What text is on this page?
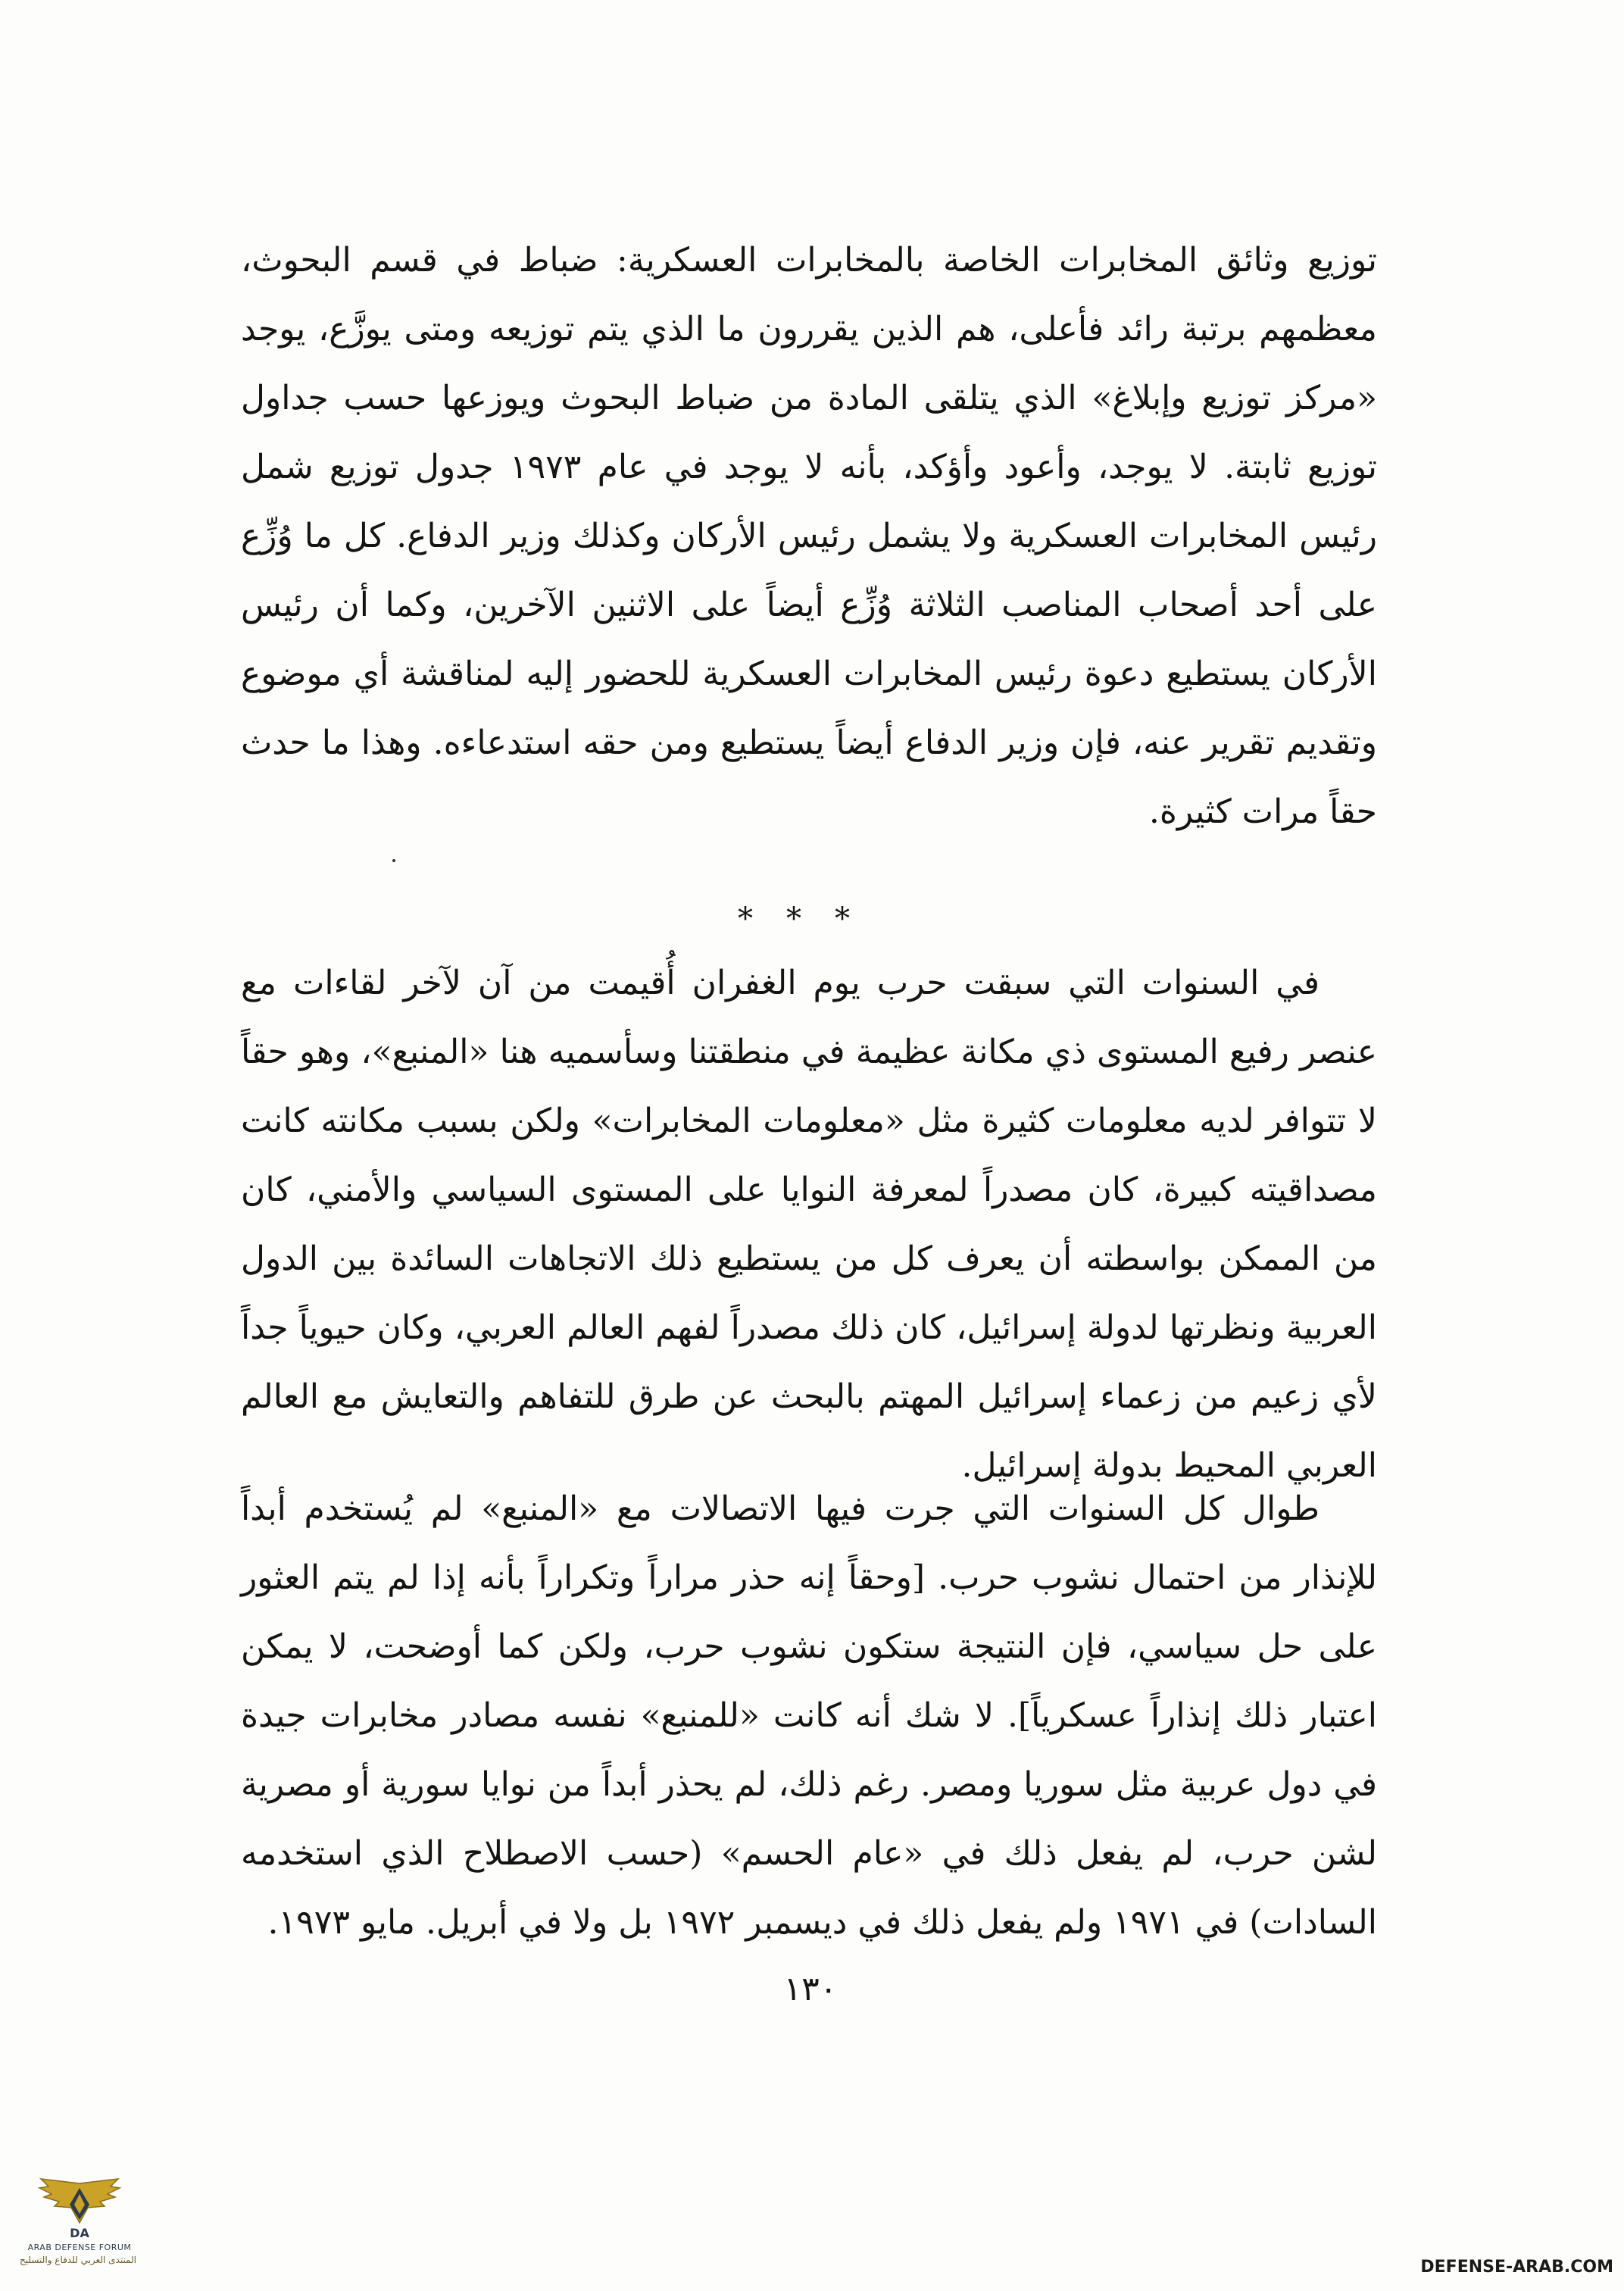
توزيع وثائق المخابرات الخاصة بالمخابرات العسكرية: ضباط في قسم البحوث، معظمهم برتبة رائد فأعلى، هم الذين يقررون ما الذي يتم توزيعه ومتى يوزَّع، يوجد «مركز توزيع وإبلاغ» الذي يتلقى المادة من ضباط البحوث ويوزعها حسب جداول توزيع ثابتة. لا يوجد، وأعود وأؤكد، بأنه لا يوجد في عام ١٩٧٣ جدول توزيع شمل رئيس المخابرات العسكرية ولا يشمل رئيس الأركان وكذلك وزير الدفاع. كل ما وُزِّع على أحد أصحاب المناصب الثلاثة وُزِّع أيضاً على الاثنين الآخرين، وكما أن رئيس الأركان يستطيع دعوة رئيس المخابرات العسكرية للحضور إليه لمناقشة أي موضوع وتقديم تقرير عنه، فإن وزير الدفاع أيضاً يستطيع ومن حقه استدعاءه. وهذا ما حدث حقاً مرات كثيرة.

***

في السنوات التي سبقت حرب يوم الغفران أُقيمت من آن لآخر لقاءات مع عنصر رفيع المستوى ذي مكانة عظيمة في منطقتنا وسأسميه هنا «المنبع»، وهو حقاً لا تتوافر لديه معلومات كثيرة مثل «معلومات المخابرات» ولكن بسبب مكانته كانت مصداقيته كبيرة، كان مصدراً لمعرفة النوايا على المستوى السياسي والأمني، كان من الممكن بواسطته أن يعرف كل من يستطيع ذلك الاتجاهات السائدة بين الدول العربية ونظرتها لدولة إسرائيل، كان ذلك مصدراً لفهم العالم العربي، وكان حيوياً جداً لأي زعيم من زعماء إسرائيل المهتم بالبحث عن طرق للتفاهم والتعايش مع العالم العربي المحيط بدولة إسرائيل.

طوال كل السنوات التي جرت فيها الاتصالات مع «المنبع» لم يُستخدم أبداً للإنذار من احتمال نشوب حرب. [وحقاً إنه حذر مراراً وتكراراً بأنه إذا لم يتم العثور على حل سياسي، فإن النتيجة ستكون نشوب حرب، ولكن كما أوضحت، لا يمكن اعتبار ذلك إنذاراً عسكرياً]. لا شك أنه كانت «للمنبع» نفسه مصادر مخابرات جيدة في دول عربية مثل سوريا ومصر. رغم ذلك، لم يحذر أبداً من نوايا سورية أو مصرية لشن حرب، لم يفعل ذلك في «عام الحسم» (حسب الاصطلاح الذي استخدمه السادات) في ١٩٧١ ولم يفعل ذلك في ديسمبر ١٩٧٢ بل ولا في أبريل. مايو ١٩٧٣.

١٣٠
DA
ARAB DEFENSE FORUM
المنتدى العربي للدفاع والتسليح	DEFENSE-ARAB.COM
